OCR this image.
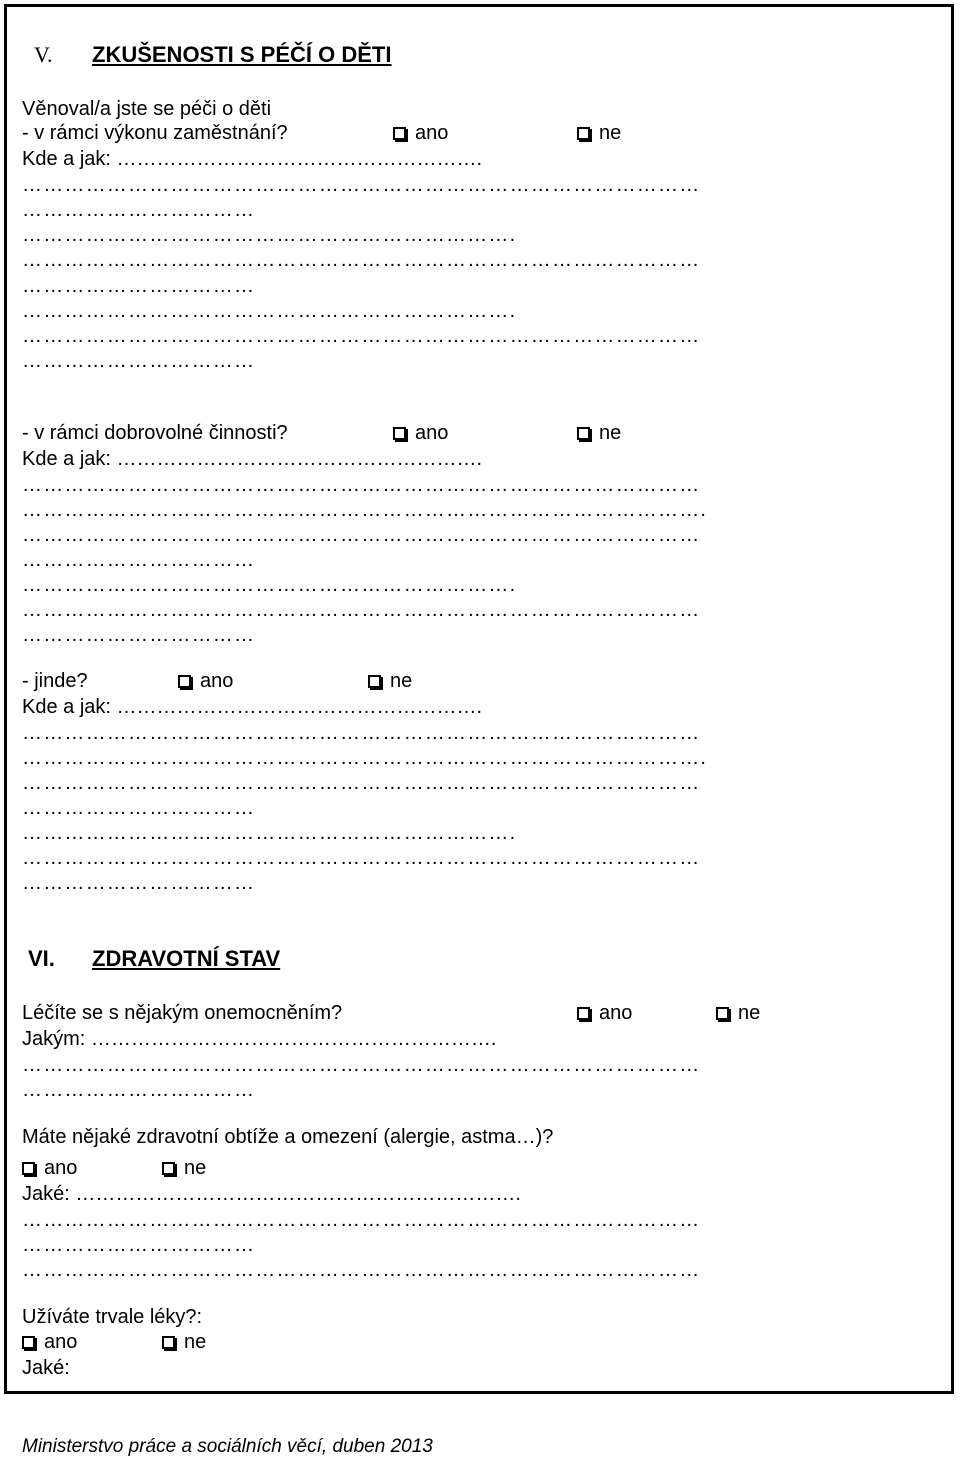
V. ZKUŠENOSTI S PÉČÍ O DĚTI
Věnoval/a jste se péči o děti
- v rámci výkonu zaměstnání?	ano	ne
Kde a jak: ……………………………………………….
……………………………………………………………………………………
……………………………
…………………………………………………………….
……………………………………………………………………………………
……………………………
…………………………………………………………….
……………………………………………………………………………………
……………………………
- v rámci dobrovolné činnosti?	ano	ne
Kde a jak: ……………………………………………….
……………………………………………………………………………………
…………………………………………………………………………………….
……………………………………………………………………………………
……………………………
…………………………………………………………….
……………………………………………………………………………………
……………………………
- jinde?	ano	ne
Kde a jak: ……………………………………………….
……………………………………………………………………………………
…………………………………………………………………………………….
……………………………………………………………………………………
……………………………
…………………………………………………………….
……………………………………………………………………………………
……………………………
VI. ZDRAVOTNÍ STAV
Léčíte se s nějakým onemocněním?	ano	ne
Jakým: …………………………………………………….
……………………………………………………………………………………
……………………………
Máte nějaké zdravotní obtíže a omezení (alergie, astma…)?
ano	ne
Jaké: ………………………………………………………….
……………………………………………………………………………………
……………………………
……………………………………………………………………………………
Užíváte trvale léky?:
ano	ne
Jaké:
Ministerstvo práce a sociálních věcí, duben 2013
